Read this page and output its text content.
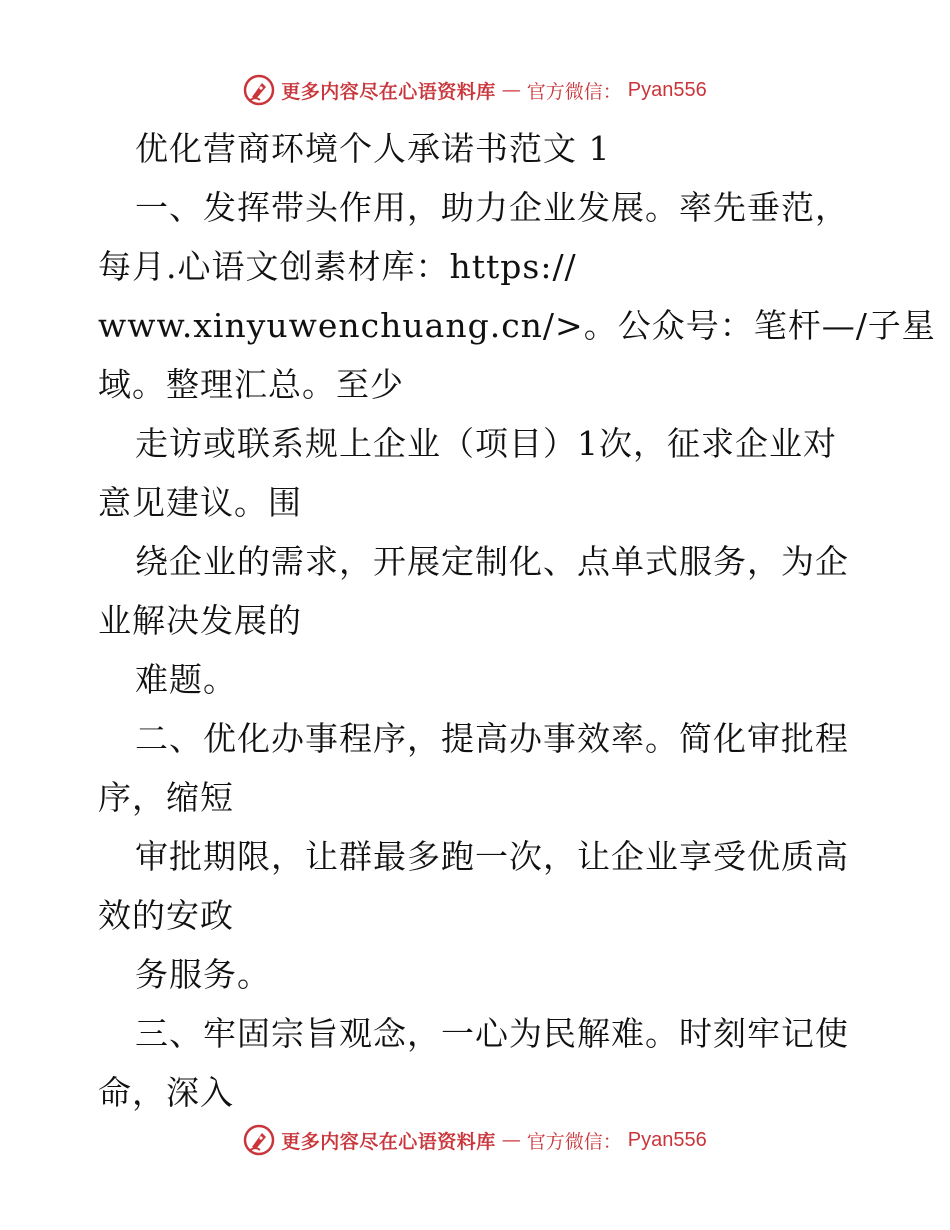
更多内容尽在心语资料库 — 官方微信： Pyan556
优化营商环境个人承诺书范文 1
一、发挥带头作用，助力企业发展。率先垂范，
每月.心语文创素材库：https://
www.xinyuwenchuang.cn/>。公众号：笔杆—/子星
域。整理汇总。至少
走访或联系规上企业（项目）1次，征求企业对
意见建议。围
绕企业的需求，开展定制化、点单式服务，为企
业解决发展的
难题。
二、优化办事程序，提高办事效率。简化审批程
序，缩短
审批期限，让群最多跑一次，让企业享受优质高
效的安政
务服务。
三、牢固宗旨观念，一心为民解难。时刻牢记使
命，深入
更多内容尽在心语资料库 — 官方微信： Pyan556
